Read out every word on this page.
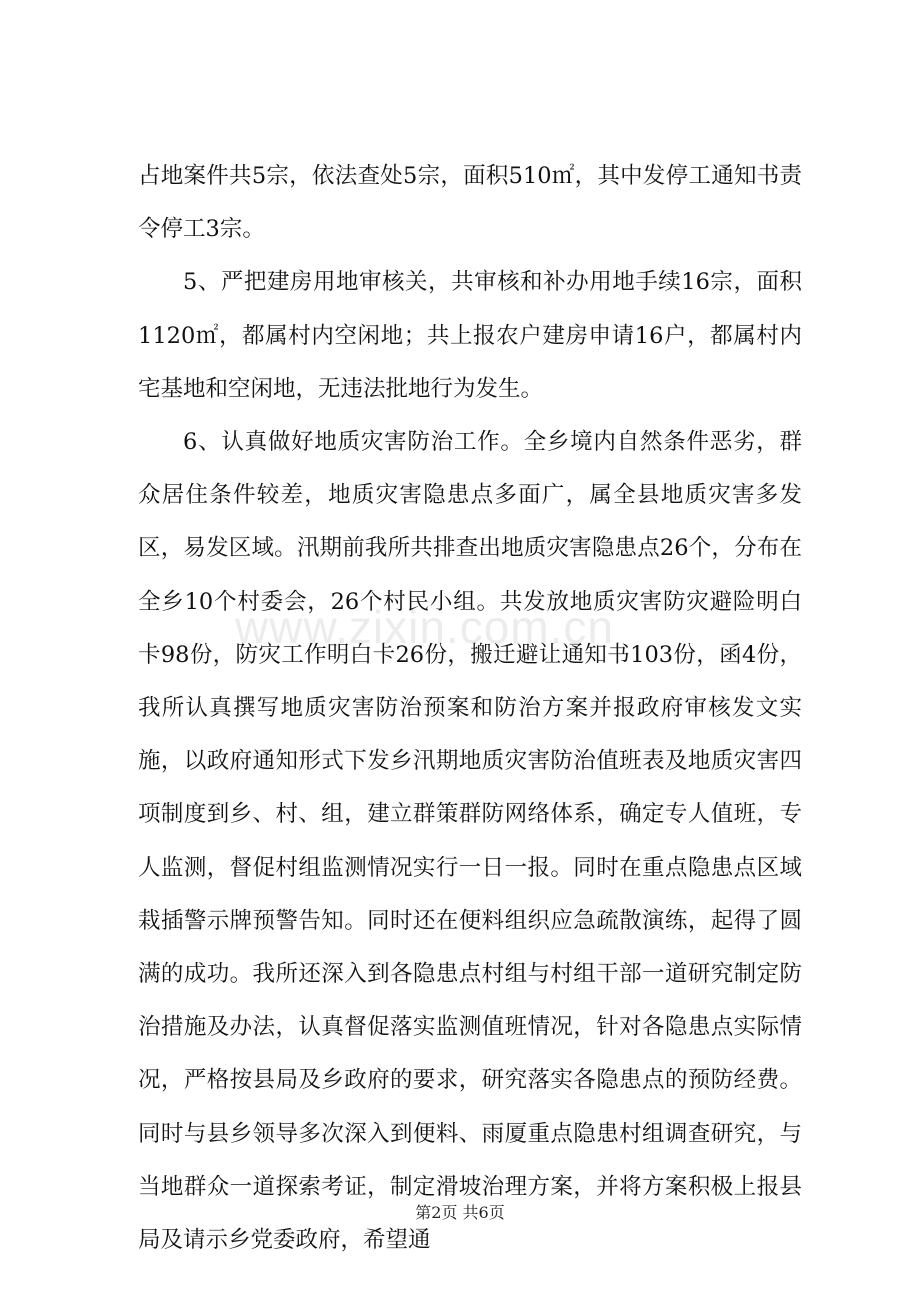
www.zixin.com.cn

占地案件共5宗，依法查处5宗，面积510㎡，其中发停工通知书责令停工3宗。

5、严把建房用地审核关，共审核和补办用地手续16宗，面积1120㎡，都属村内空闲地；共上报农户建房申请16户，都属村内宅基地和空闲地，无违法批地行为发生。

6、认真做好地质灾害防治工作。全乡境内自然条件恶劣，群众居住条件较差，地质灾害隐患点多面广，属全县地质灾害多发区，易发区域。汛期前我所共排查出地质灾害隐患点26个，分布在全乡10个村委会，26个村民小组。共发放地质灾害防灾避险明白卡98份，防灾工作明白卡26份，搬迁避让通知书103份，函4份，我所认真撰写地质灾害防治预案和防治方案并报政府审核发文实施，以政府通知形式下发乡汛期地质灾害防治值班表及地质灾害四项制度到乡、村、组，建立群策群防网络体系，确定专人值班，专人监测，督促村组监测情况实行一日一报。同时在重点隐患点区域栽插警示牌预警告知。同时还在便料组织应急疏散演练，起得了圆满的成功。我所还深入到各隐患点村组与村组干部一道研究制定防治措施及办法，认真督促落实监测值班情况，针对各隐患点实际情况，严格按县局及乡政府的要求，研究落实各隐患点的预防经费。同时与县乡领导多次深入到便料、雨厦重点隐患村组调查研究，与当地群众一道探索考证，制定滑坡治理方案，并将方案积极上报县局及请示乡党委政府，希望通

第2页 共6页
